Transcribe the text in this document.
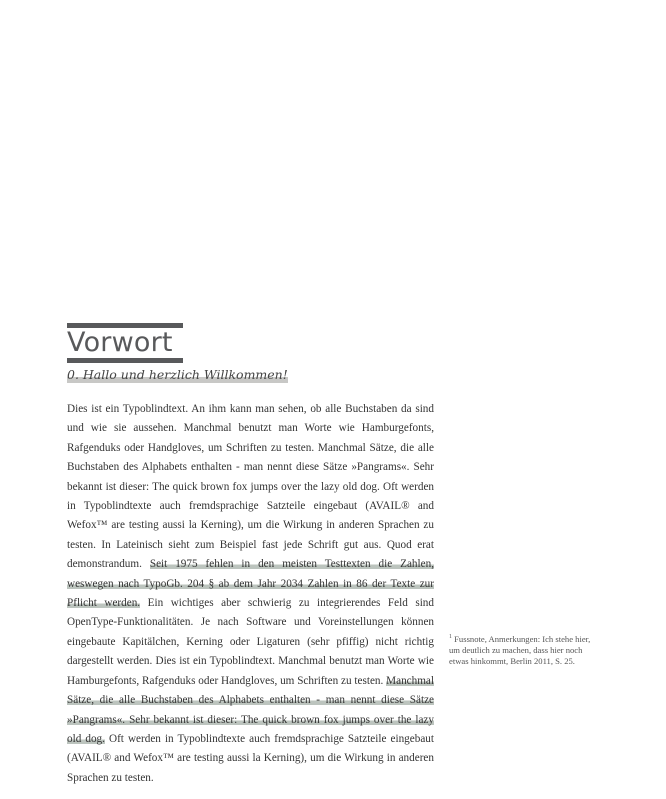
Vorwort
0. Hallo und herzlich Willkommen!

Dies ist ein Typoblindtext. An ihm kann man sehen, ob alle Buchstaben da sind und wie sie aussehen. Manchmal benutzt man Worte wie Hamburgefonts, Rafgenduks oder Handgloves, um Schriften zu testen. Manchmal Sätze, die alle Buchstaben des Alphabets enthalten - man nennt diese Sätze »Pangrams«. Sehr bekannt ist dieser: The quick brown fox jumps over the lazy old dog. Oft werden in Typoblindtexte auch fremdsprachige Satzteile eingebaut (AVAIL® and Wefox™ are testing aussi la Kerning), um die Wirkung in anderen Sprachen zu testen. In Lateinisch sieht zum Beispiel fast jede Schrift gut aus. Quod erat demonstrandum. Seit 1975 fehlen in den meisten Testtexten die Zahlen, weswegen nach TypoGb. 204 § ab dem Jahr 2034 Zahlen in 86 der Texte zur Pflicht werden. Ein wichtiges aber schwierig zu integrierendes Feld sind OpenType-Funktionalitäten. Je nach Software und Voreinstellungen können eingebaute Kapitälchen, Kerning oder Ligaturen (sehr pfiffig) nicht richtig dargestellt werden. Dies ist ein Typoblindtext. Manchmal benutzt man Worte wie Hamburgefonts, Rafgenduks oder Handgloves, um Schriften zu testen. Manchmal Sätze, die alle Buchstaben des Alphabets enthalten - man nennt diese Sätze »Pangrams«. Sehr bekannt ist dieser: The quick brown fox jumps over the lazy old dog. Oft werden in Typoblindtexte auch fremdsprachige Satzteile eingebaut (AVAIL® and Wefox™ are testing aussi la Kerning), um die Wirkung in anderen Sprachen zu testen.

$^1$ Fussnote, Anmerkungen: Ich stehe hier, um deutlich zu machen, dass hier noch etwas hinkommt, Berlin 2011, S. 25.
